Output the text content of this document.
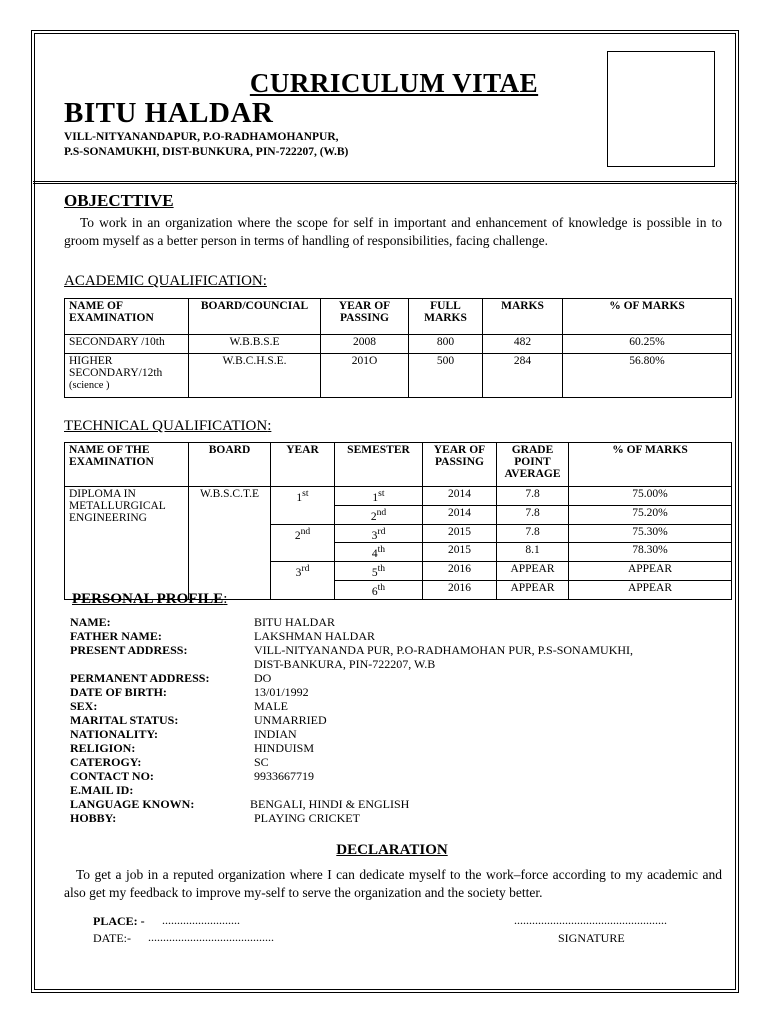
CURRICULUM VITAE
BITU HALDAR
VILL-NITYANANDAPUR, P.O-RADHAMOHANPUR,
P.S-SONAMUKHI, DIST-BUNKURA, PIN-722207, (W.B)
OBJECTTIVE
To work in an organization where the scope for self in important and enhancement of knowledge is possible in to groom myself as a better person in terms of handling of responsibilities, facing challenge.
ACADEMIC QUALIFICATION:
NAME OF EXAMINATION	BOARD/COUNCIAL	YEAR OF PASSING	FULL MARKS	MARKS	% OF MARKS
SECONDARY /10th	W.B.B.S.E	2008	800	482	60.25%
HIGHER SECONDARY/12th
(science )	W.B.C.H.S.E.	201O	500	284	56.80%
TECHNICAL QUALIFICATION:
NAME OF THE EXAMINATION	BOARD	YEAR	SEMESTER	YEAR OF PASSING	GRADE POINT AVERAGE	% OF MARKS
DIPLOMA IN METALLURGICAL ENGINEERING	W.B.S.C.T.E	1st	1st	2014	7.8	75.00%
			2nd	2014	7.8	75.20%
		2nd	3rd	2015	7.8	75.30%
			4th	2015	8.1	78.30%
		3rd	5th	2016	APPEAR	APPEAR
			6th	2016	APPEAR	APPEAR
PERSONAL PROFILE:
NAME:	BITU HALDAR
FATHER NAME:	LAKSHMAN HALDAR
PRESENT ADDRESS:	VILL-NITYANANDA PUR, P.O-RADHAMOHAN PUR, P.S-SONAMUKHI,
DIST-BANKURA, PIN-722207, W.B
PERMANENT ADDRESS:	DO
DATE OF BIRTH:	13/01/1992
SEX:	MALE
MARITAL STATUS:	UNMARRIED
NATIONALITY:	INDIAN
RELIGION:	HINDUISM
CATEROGY:	SC
CONTACT NO:	9933667719
E.MAIL ID:
LANGUAGE KNOWN:	BENGALI, HINDI & ENGLISH
HOBBY:	PLAYING CRICKET
DECLARATION
To get a job in a reputed organization where I can dedicate myself to the work–force according to my academic and also get my feedback to improve my-self to serve the organization and the society better.
PLACE: - ..........................
DATE:- ..........................................
...................................................
SIGNATURE
